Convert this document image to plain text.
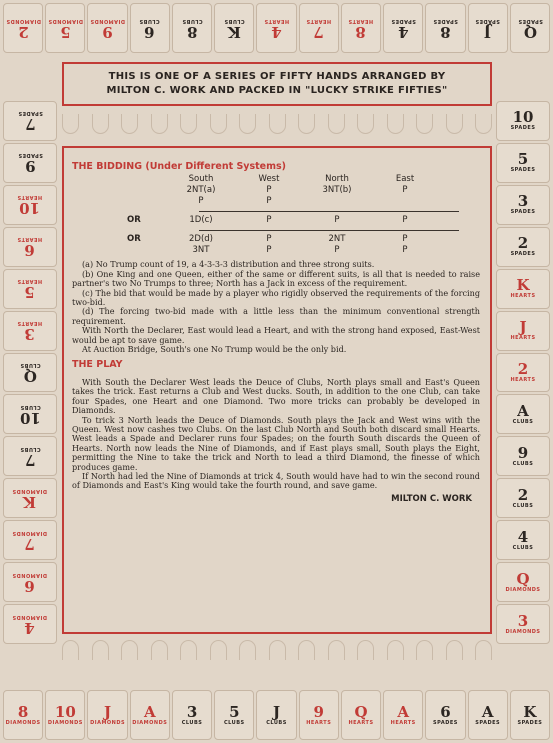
2
DIAMONDS
5
DIAMONDS
9
DIAMONDS
6
CLUBS
8
CLUBS
K
CLUBS
4
HEARTS
7
HEARTS
8
HEARTS
4
SPADES
8
SPADES
J
SPADES
Q
SPADES
7
SPADES
9
SPADES
10
HEARTS
6
HEARTS
5
HEARTS
3
HEARTS
Q
CLUBS
10
CLUBS
7
CLUBS
K
DIAMONDS
7
DIAMONDS
6
DIAMONDS
4
DIAMONDS
10
SPADES
5
SPADES
3
SPADES
2
SPADES
K
HEARTS
J
HEARTS
2
HEARTS
A
CLUBS
9
CLUBS
2
CLUBS
4
CLUBS
Q
DIAMONDS
3
DIAMONDS
8
DIAMONDS
10
DIAMONDS
J
DIAMONDS
A
DIAMONDS
3
CLUBS
5
CLUBS
J
CLUBS
9
HEARTS
Q
HEARTS
A
HEARTS
6
SPADES
A
SPADES
K
SPADES
THIS IS ONE OF A SERIES OF FIFTY HANDS ARRANGED BY
MILTON C. WORK AND PACKED IN "LUCKY STRIKE FIFTIES"
THE BIDDING (Under Different Systems)
South	West	North	East
2NT(a)	P	3NT(b)	P
P	P
OR	1D(c)	P	P	P
OR	2D(d)	P	2NT	P
3NT	P	P	P

(a) No Trump count of 19, a 4-3-3-3 distribution and three strong suits.

(b) One King and one Queen, either of the same or different suits, is all that is needed to raise partner's two No Trumps to three; North has a Jack in excess of the requirement.

(c) The bid that would be made by a player who rigidly observed the requirements of the forcing two-bid.

(d) The forcing two-bid made with a little less than the minimum conventional strength requirement.

With North the Declarer, East would lead a Heart, and with the strong hand exposed, East-West would be apt to save game.

At Auction Bridge, South's one No Trump would be the only bid.

THE PLAY

With South the Declarer West leads the Deuce of Clubs, North plays small and East's Queen takes the trick. East returns a Club and West ducks. South, in addition to the one Club, can take four Spades, one Heart and one Diamond. Two more tricks can probably be developed in Diamonds.

To trick 3 North leads the Deuce of Diamonds. South plays the Jack and West wins with the Queen. West now cashes two Clubs. On the last Club North and South both discard small Hearts. West leads a Spade and Declarer runs four Spades; on the fourth South discards the Queen of Hearts. North now leads the Nine of Diamonds, and if East plays small, South plays the Eight, permitting the Nine to take the trick and North to lead a third Diamond, the finesse of which produces game.

If North had led the Nine of Diamonds at trick 4, South would have had to win the second round of Diamonds and East's King would take the fourth round, and save game.

MILTON C. WORK
